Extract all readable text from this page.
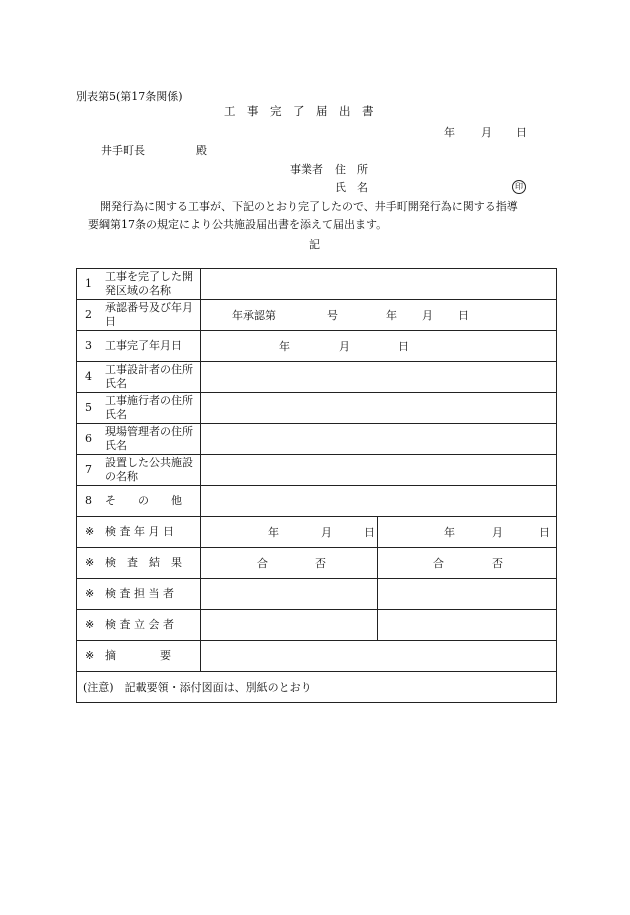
別表第5(第17条関係)
工　事　完　了　届　出　書
年 月 日
井手町長	殿
事業者 住　所
氏　名	印
開発行為に関する工事が、下記のとおり完了したので、井手町開発行為に関する指導
要綱第17条の規定により公共施設届出書を添えて届出ます。
記
1工事を完了した開発区域の名称		
2承認番号及び年月日	年承認第 号 年 月 日	

3 工事完了年月日	年 月 日	

4工事設計者の住所氏名		
5工事施行者の住所氏名		
6現場管理者の住所氏名		
7設置した公共施設の名称		
8 そ　　の　　他		
※ 検 査 年 月 日	年 月 日	年 月 日

※ 検　査　結　果	合 否	合 否

※ 検 査 担 当 者		
※ 検 査 立 会 者		
※ 摘　　　　要		
(注意)　記載要領・添付図面は、別紙のとおり		
